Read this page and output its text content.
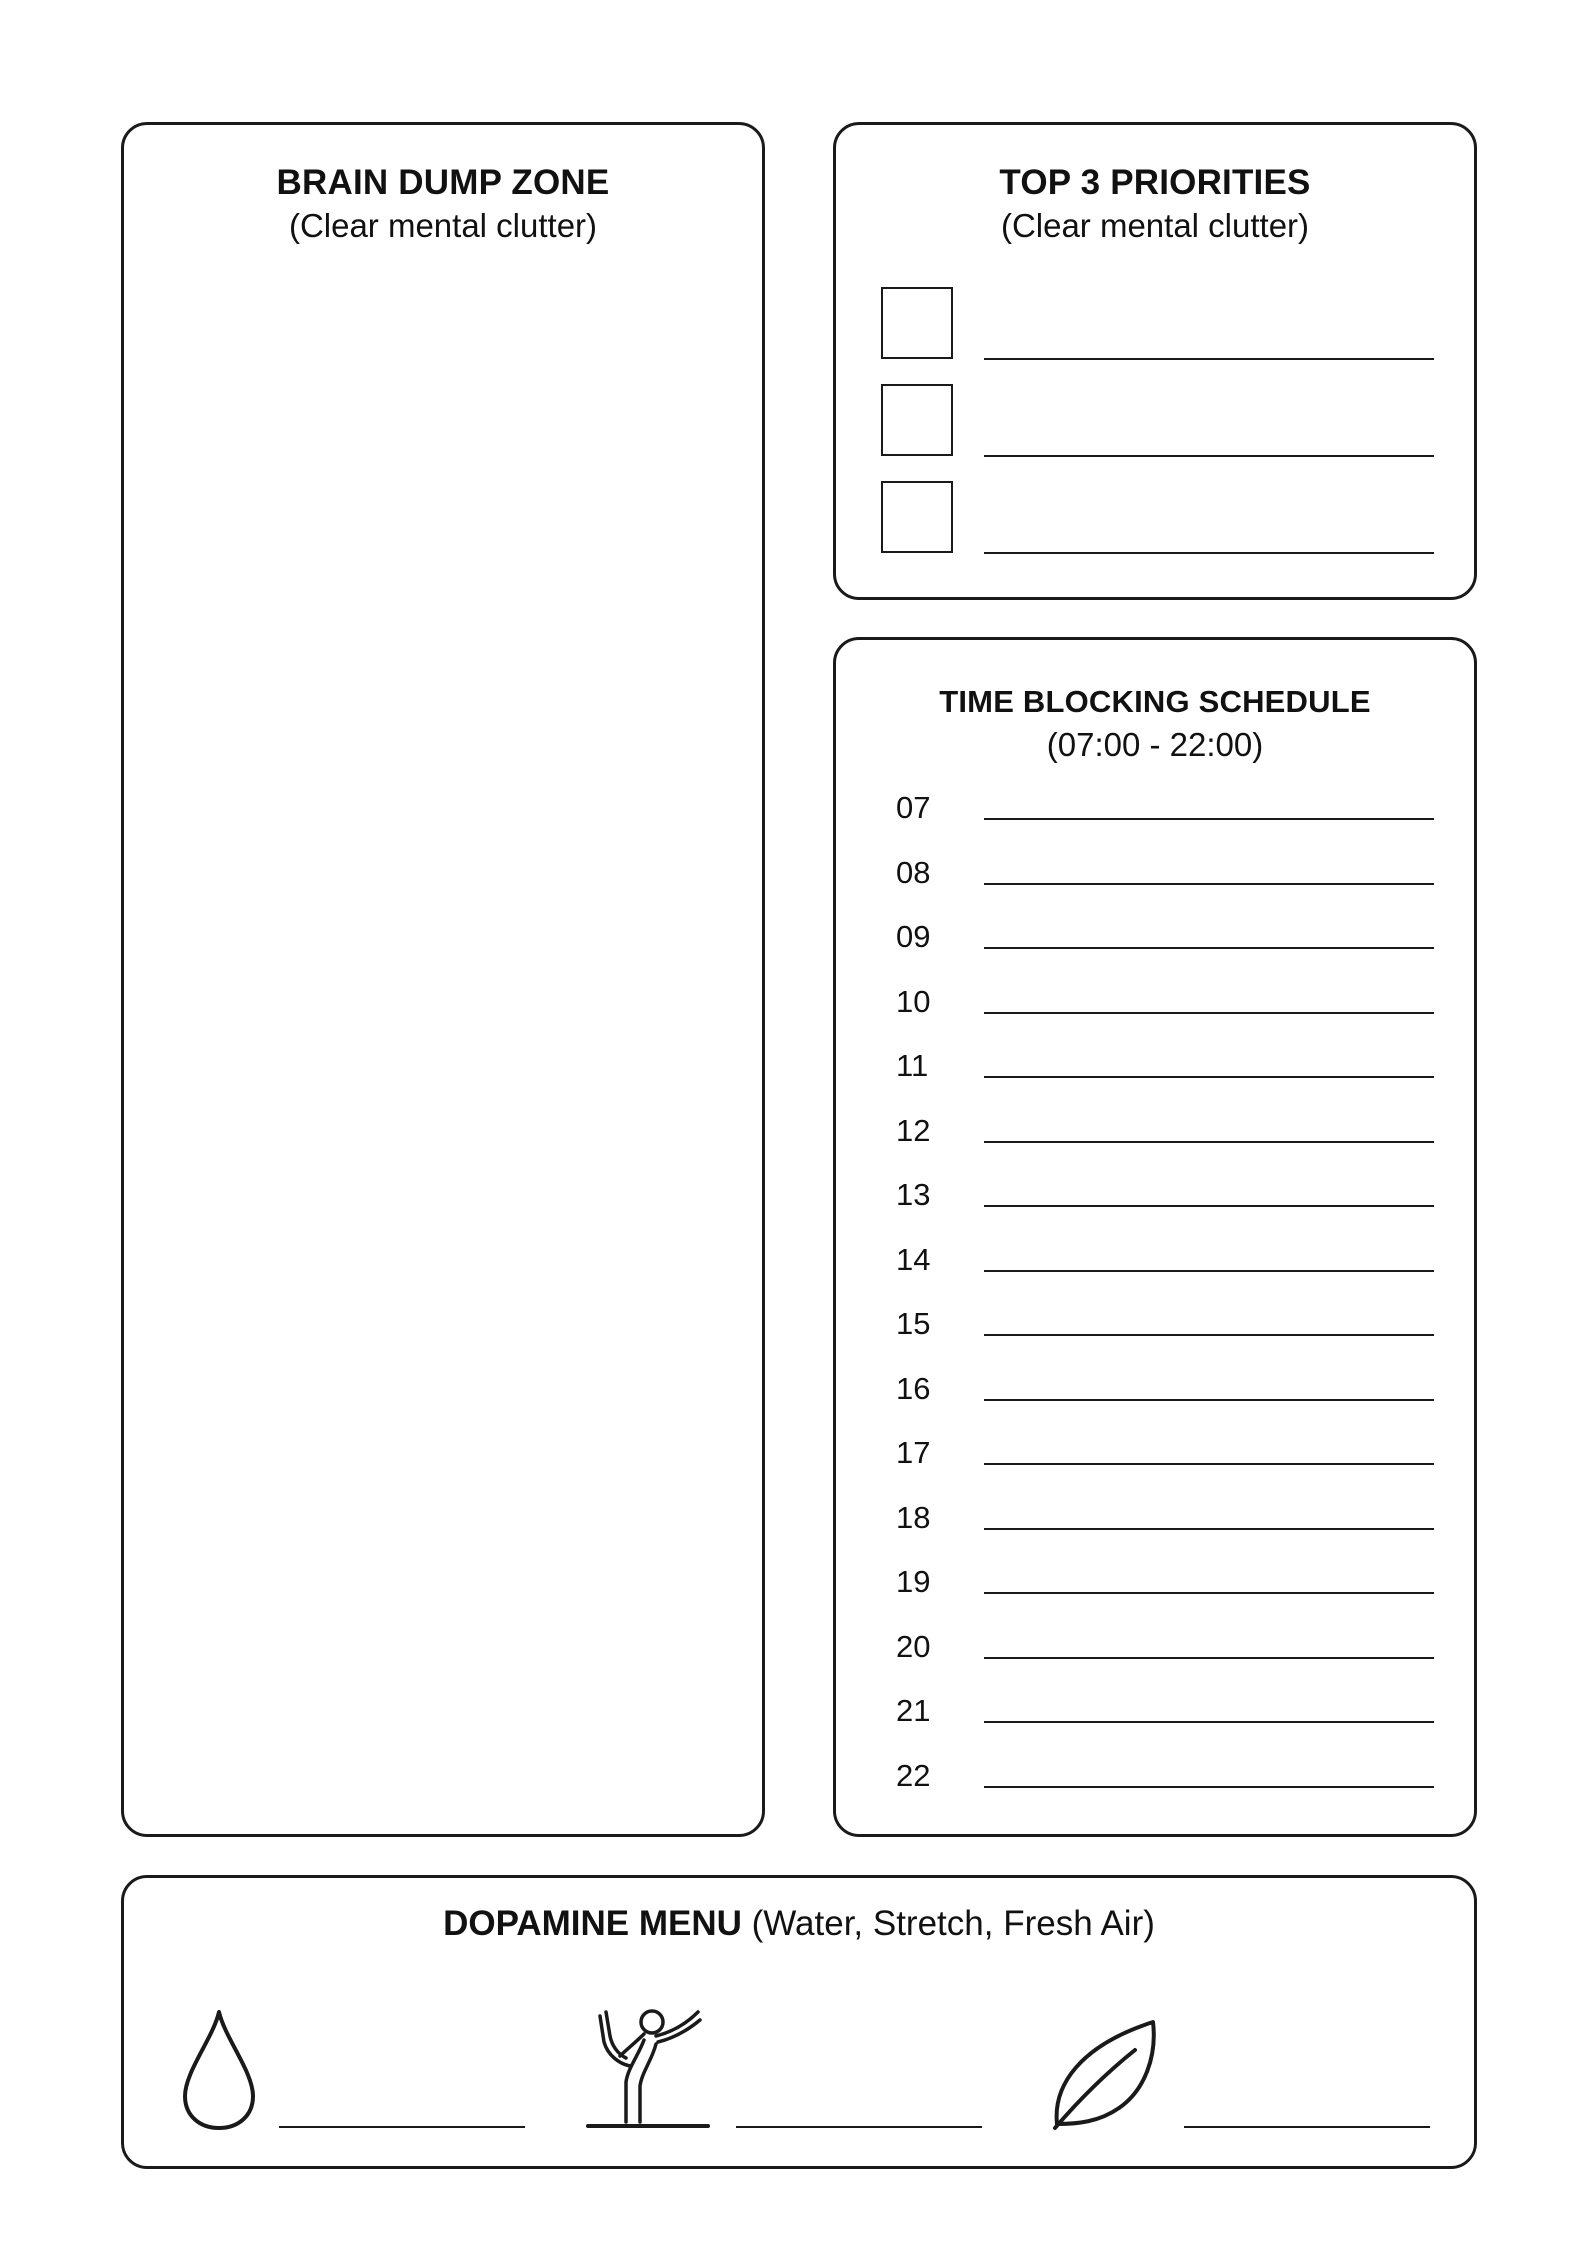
BRAIN DUMP ZONE
(Clear mental clutter)
TOP 3 PRIORITIES
(Clear mental clutter)
TIME BLOCKING SCHEDULE
(07:00 - 22:00)
07
08
09
10
11
12
13
14
15
16
17
18
19
20
21
22
DOPAMINE MENU (Water, Stretch, Fresh Air)
